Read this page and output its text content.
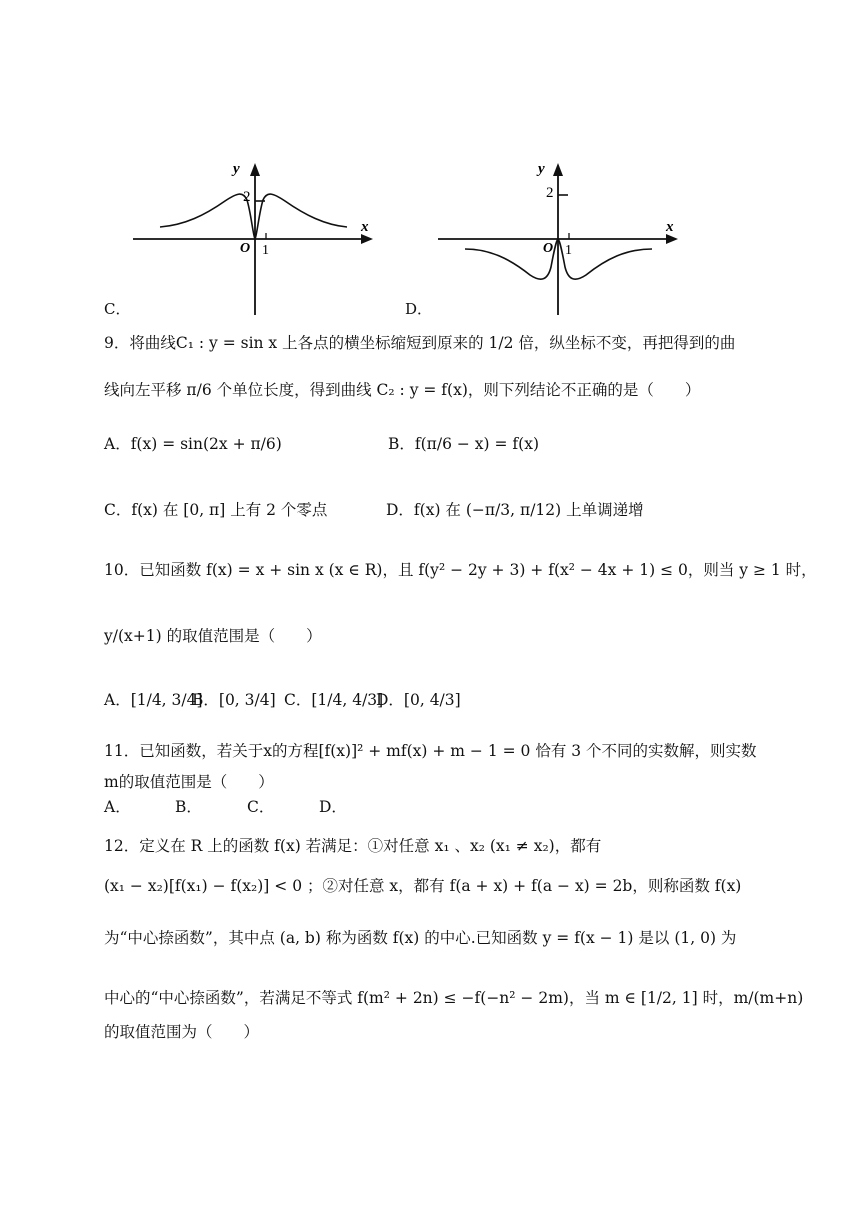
C．
y
x
O 1
2
D．
y
x
O 1
2
9．将曲线C₁ : y = sin x 上各点的横坐标缩短到原来的 1/2 倍，纵坐标不变，再把得到的曲
线向左平移 π/6 个单位长度，得到曲线 C₂ : y = f(x)，则下列结论不正确的是（　　）
A．f(x) = sin(2x + π/6)	B．f(π/6 − x) = f(x)
C．f(x) 在 [0, π] 上有 2 个零点	D．f(x) 在 (−π/3, π/12) 上单调递增
10．已知函数 f(x) = x + sin x (x ∈ R)，且 f(y² − 2y + 3) + f(x² − 4x + 1) ≤ 0，则当 y ≥ 1 时，
y/(x+1) 的取值范围是（　　）
A．[1/4, 3/4]
B．[0, 3/4] C．[1/4, 4/3]
D．[0, 4/3]
11．已知函数，若关于x的方程[f(x)]² + mf(x) + m − 1 = 0 恰有 3 个不同的实数解，则实数
m的取值范围是（　　）
A．	B．	C．	D．
12．定义在 R 上的函数 f(x) 若满足：①对任意 x₁ 、x₂ (x₁ ≠ x₂)，都有
(x₁ − x₂)[f(x₁) − f(x₂)] < 0 ；②对任意 x，都有 f(a + x) + f(a − x) = 2b，则称函数 f(x)
为“中心捺函数”，其中点 (a, b) 称为函数 f(x) 的中心.已知函数 y = f(x − 1) 是以 (1, 0) 为
中心的“中心捺函数”，若满足不等式 f(m² + 2n) ≤ −f(−n² − 2m)，当 m ∈ [1/2, 1] 时，m/(m+n)
的取值范围为（　　）
